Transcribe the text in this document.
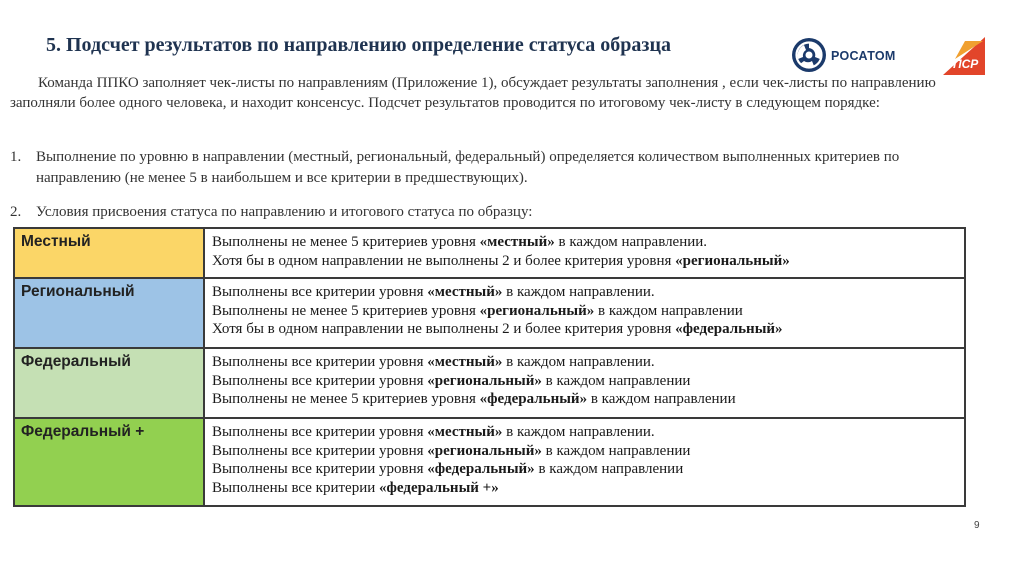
5. Подсчет результатов по направлению определение статуса образца	РОСАТОМ
ПСР
Команда ППКО заполняет чек-листы по направлениям (Приложение 1), обсуждает результаты заполнения , если чек-листы по направлению заполняли более одного человека, и находит консенсус. Подсчет результатов проводится по итоговому чек-листу в следующем порядке:
1. Выполнение по уровню в направлении (местный, региональный, федеральный) определяется количеством выполненных критериев по направлению (не менее 5 в наибольшем и все критерии в предшествующих).
2. Условия присвоения статуса по направлению и итогового статуса по образцу:
Местный	Выполнены не менее 5 критериев уровня «местный» в каждом направлении.
Хотя бы в одном направлении не выполнены 2 и более критерия уровня «региональный»

Региональный	Выполнены все критерии уровня «местный» в каждом направлении.
Выполнены не менее 5 критериев уровня «региональный» в каждом направлении
Хотя бы в одном направлении не выполнены 2 и более критерия уровня «федеральный»

Федеральный	Выполнены все критерии уровня «местный» в каждом направлении.
Выполнены все критерии уровня «региональный» в каждом направлении
Выполнены не менее 5 критериев уровня «федеральный» в каждом направлении

Федеральный +	Выполнены все критерии уровня «местный» в каждом направлении.
Выполнены все критерии уровня «региональный» в каждом направлении
Выполнены все критерии уровня «федеральный» в каждом направлении
Выполнены все критерии «федеральный +»
9
